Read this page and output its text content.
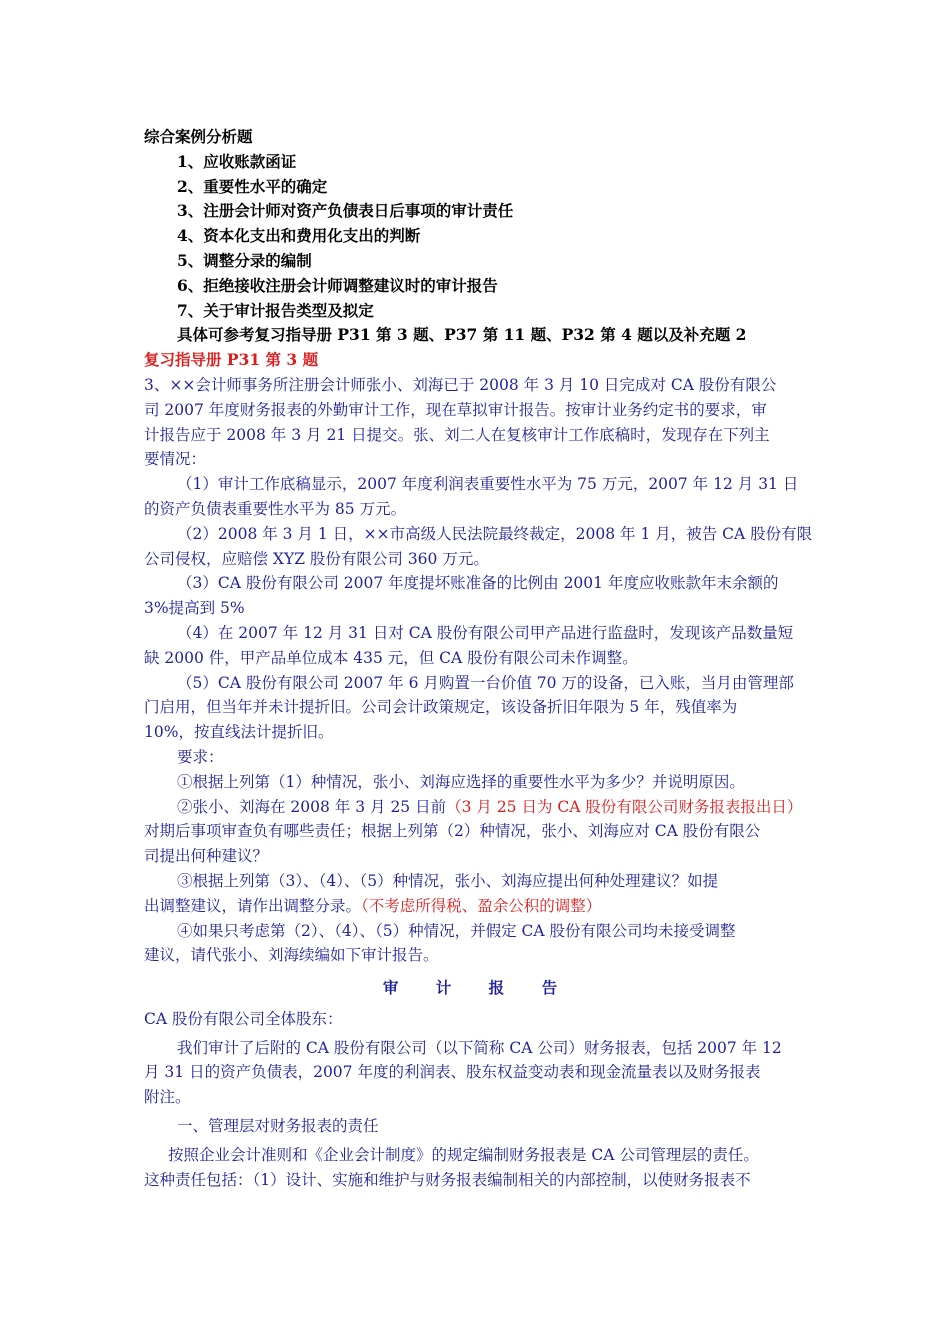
综合案例分析题
1、应收账款函证
2、重要性水平的确定
3、注册会计师对资产负债表日后事项的审计责任
4、资本化支出和费用化支出的判断
5、调整分录的编制
6、拒绝接收注册会计师调整建议时的审计报告
7、关于审计报告类型及拟定
具体可参考复习指导册 P31 第 3 题、P37 第 11 题、P32 第 4 题以及补充题 2
复习指导册 P31 第 3 题
3、××会计师事务所注册会计师张小、刘海已于 2008 年 3 月 10 日完成对 CA 股份有限公
司 2007 年度财务报表的外勤审计工作，现在草拟审计报告。按审计业务约定书的要求，审
计报告应于 2008 年 3 月 21 日提交。张、刘二人在复核审计工作底稿时，发现存在下列主
要情况：
（1）审计工作底稿显示，2007 年度利润表重要性水平为 75 万元，2007 年 12 月 31 日
的资产负债表重要性水平为 85 万元。
（2）2008 年 3 月 1 日，××市高级人民法院最终裁定，2008 年 1 月，被告 CA 股份有限
公司侵权，应赔偿 XYZ 股份有限公司 360 万元。
（3）CA 股份有限公司 2007 年度提坏账准备的比例由 2001 年度应收账款年末余额的
3%提高到 5%
（4）在 2007 年 12 月 31 日对 CA 股份有限公司甲产品进行监盘时，发现该产品数量短
缺 2000 件，甲产品单位成本 435 元，但 CA 股份有限公司未作调整。
（5）CA 股份有限公司 2007 年 6 月购置一台价值 70 万的设备，已入账，当月由管理部
门启用，但当年并未计提折旧。公司会计政策规定，该设备折旧年限为 5 年，残值率为
10%，按直线法计提折旧。
要求：
①根据上列第（1）种情况，张小、刘海应选择的重要性水平为多少？并说明原因。
②张小、刘海在 2008 年 3 月 25 日前（3 月 25 日为 CA 股份有限公司财务报表报出日）
对期后事项审查负有哪些责任；根据上列第（2）种情况，张小、刘海应对 CA 股份有限公
司提出何种建议？
③根据上列第（3）、（4）、（5）种情况，张小、刘海应提出何种处理建议？如提
出调整建议，请作出调整分录。（不考虑所得税、盈余公积的调整）
④如果只考虑第（2）、（4）、（5）种情况，并假定 CA 股份有限公司均未接受调整
建议，请代张小、刘海续编如下审计报告。
审 计 报 告
CA 股份有限公司全体股东：
我们审计了后附的 CA 股份有限公司（以下简称 CA 公司）财务报表，包括 2007 年 12
月 31 日的资产负债表，2007 年度的利润表、股东权益变动表和现金流量表以及财务报表
附注。
一、管理层对财务报表的责任
按照企业会计准则和《企业会计制度》的规定编制财务报表是 CA 公司管理层的责任。
这种责任包括：（1）设计、实施和维护与财务报表编制相关的内部控制，以使财务报表不
